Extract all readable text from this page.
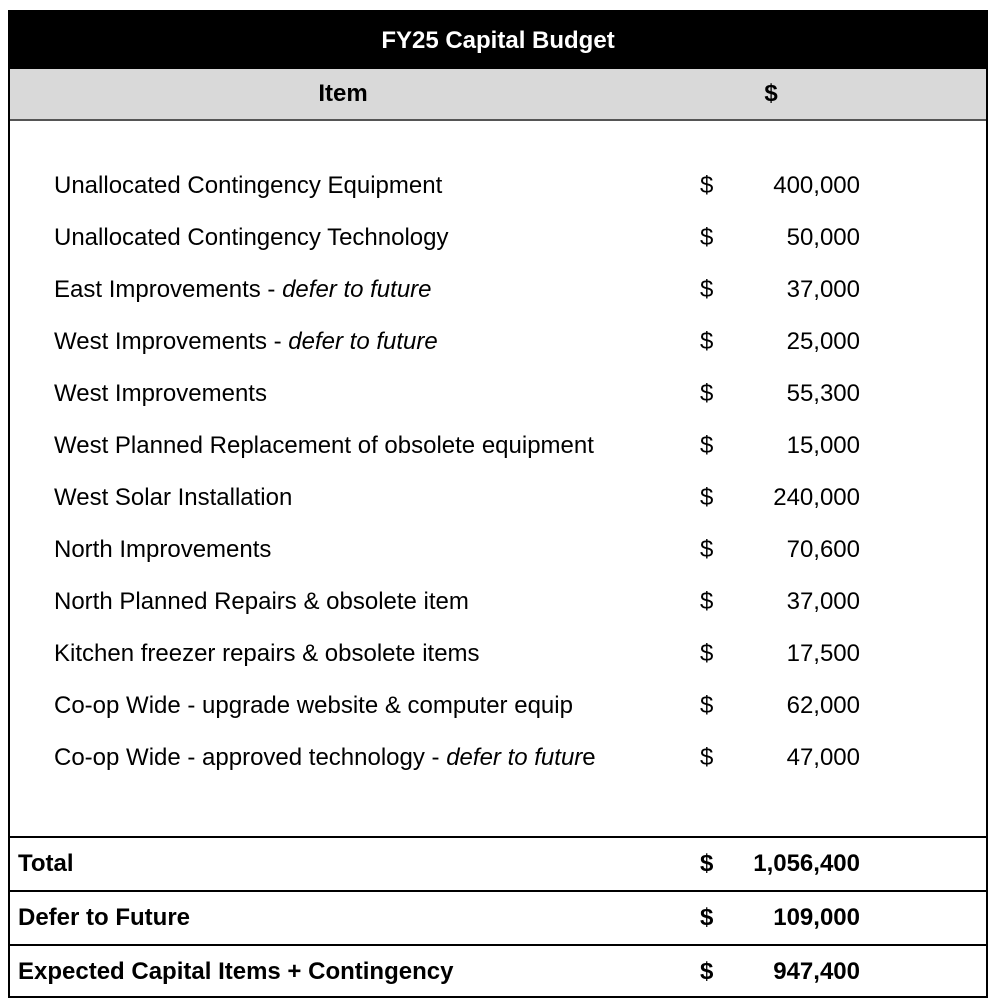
FY25 Capital Budget
Item	$
Unallocated Contingency Equipment	$ 400,000
Unallocated Contingency Technology	$	50,000
East Improvements - defer to future	$	37,000
West Improvements - defer to future	$	25,000
West Improvements	$	55,300
West Planned Replacement of obsolete equipment	$	15,000
West Solar Installation	$ 240,000
North Improvements	$	70,600
North Planned Repairs & obsolete item	$	37,000
Kitchen freezer repairs & obsolete items	$	17,500
Co-op Wide - upgrade website & computer equip	$	62,000
Co-op Wide - approved technology - defer to future	$	47,000
Total	$ 1,056,400
Defer to Future	$ 109,000
Expected Capital Items + Contingency	$ 947,400
